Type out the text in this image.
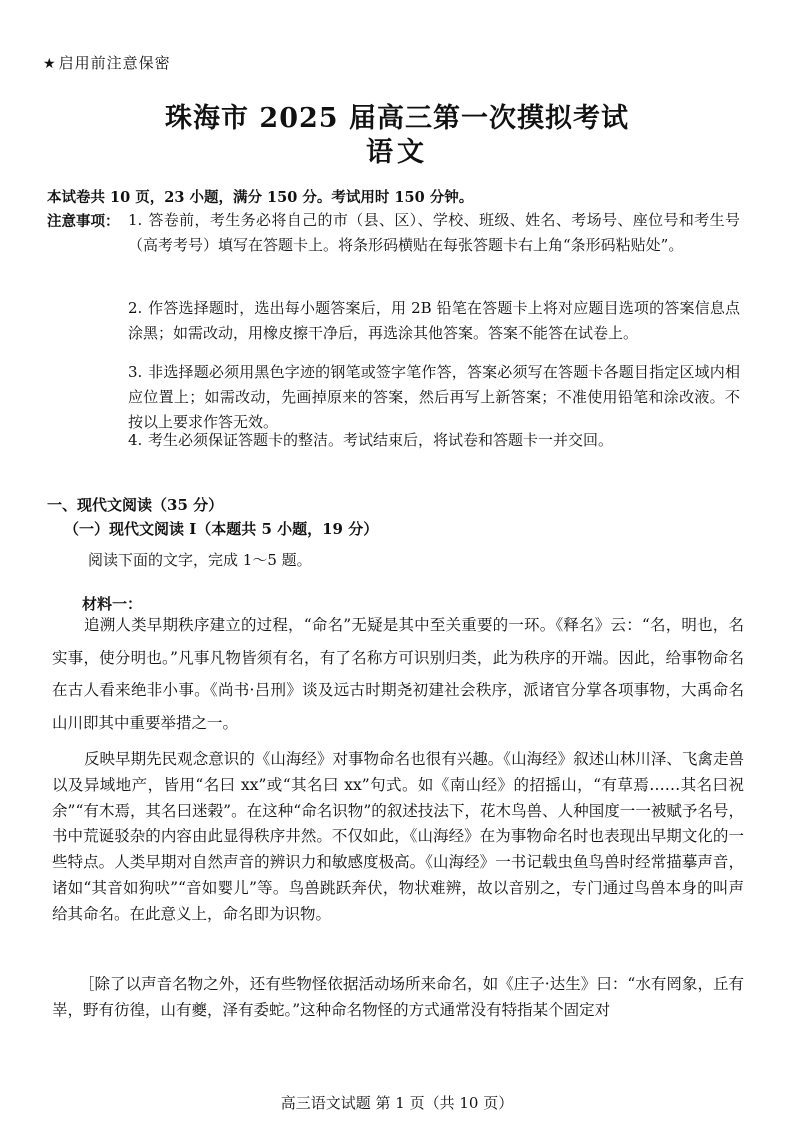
★ 启用前注意保密
珠海市 2025 届高三第一次摸拟考试
语文
本试卷共 10 页，23 小题，满分 150 分。考试用时 150 分钟。
注意事项： 1. 答卷前，考生务必将自己的市（县、区）、学校、班级、姓名、考场号、座位号和考生号（高考考号）填写在答题卡上。将条形码横贴在每张答题卡右上角“条形码粘贴处”。
2. 作答选择题时，选出每小题答案后，用 2B 铅笔在答题卡上将对应题目选项的答案信息点涂黑；如需改动，用橡皮擦干净后，再选涂其他答案。答案不能答在试卷上。
3. 非选择题必须用黑色字迹的钢笔或签字笔作答，答案必须写在答题卡各题目指定区域内相应位置上；如需改动，先画掉原来的答案，然后再写上新答案；不准使用铅笔和涂改液。不按以上要求作答无效。
4. 考生必须保证答题卡的整洁。考试结束后，将试卷和答题卡一并交回。
一、现代文阅读（35 分）
（一）现代文阅读 I（本题共 5 小题，19 分）
阅读下面的文字，完成 1～5 题。
材料一：
追溯人类早期秩序建立的过程，“命名”无疑是其中至关重要的一环。《释名》云：“名，明也，名实事，使分明也。”凡事凡物皆须有名，有了名称方可识别归类，此为秩序的开端。因此，给事物命名在古人看来绝非小事。《尚书·吕刑》谈及远古时期尧初建社会秩序，派诸官分掌各项事物，大禹命名山川即其中重要举措之一。
反映早期先民观念意识的《山海经》对事物命名也很有兴趣。《山海经》叙述山林川泽、飞禽走兽以及异域地产，皆用“名曰 xx”或“其名曰 xx”句式。如《南山经》的招摇山，“有草焉……其名曰祝余”“有木焉，其名曰迷榖”。在这种“命名识物”的叙述技法下，花木鸟兽、人种国度一一被赋予名号，书中荒诞驳杂的内容由此显得秩序井然。不仅如此，《山海经》在为事物命名时也表现出早期文化的一些特点。人类早期对自然声音的辨识力和敏感度极高。《山海经》一书记载虫鱼鸟兽时经常描摹声音，诸如“其音如狗吠”“音如婴儿”等。鸟兽跳跃奔伏，物状难辨，故以音别之，专门通过鸟兽本身的叫声给其命名。在此意义上，命名即为识物。
［除了以声音名物之外，还有些物怪依据活动场所来命名，如《庄子·达生》曰：“水有罔象，丘有峷，野有彷徨，山有夔，泽有委蛇。”这种命名物怪的方式通常没有特指某个固定对
高三语文试题 第 1 页（共 10 页）
